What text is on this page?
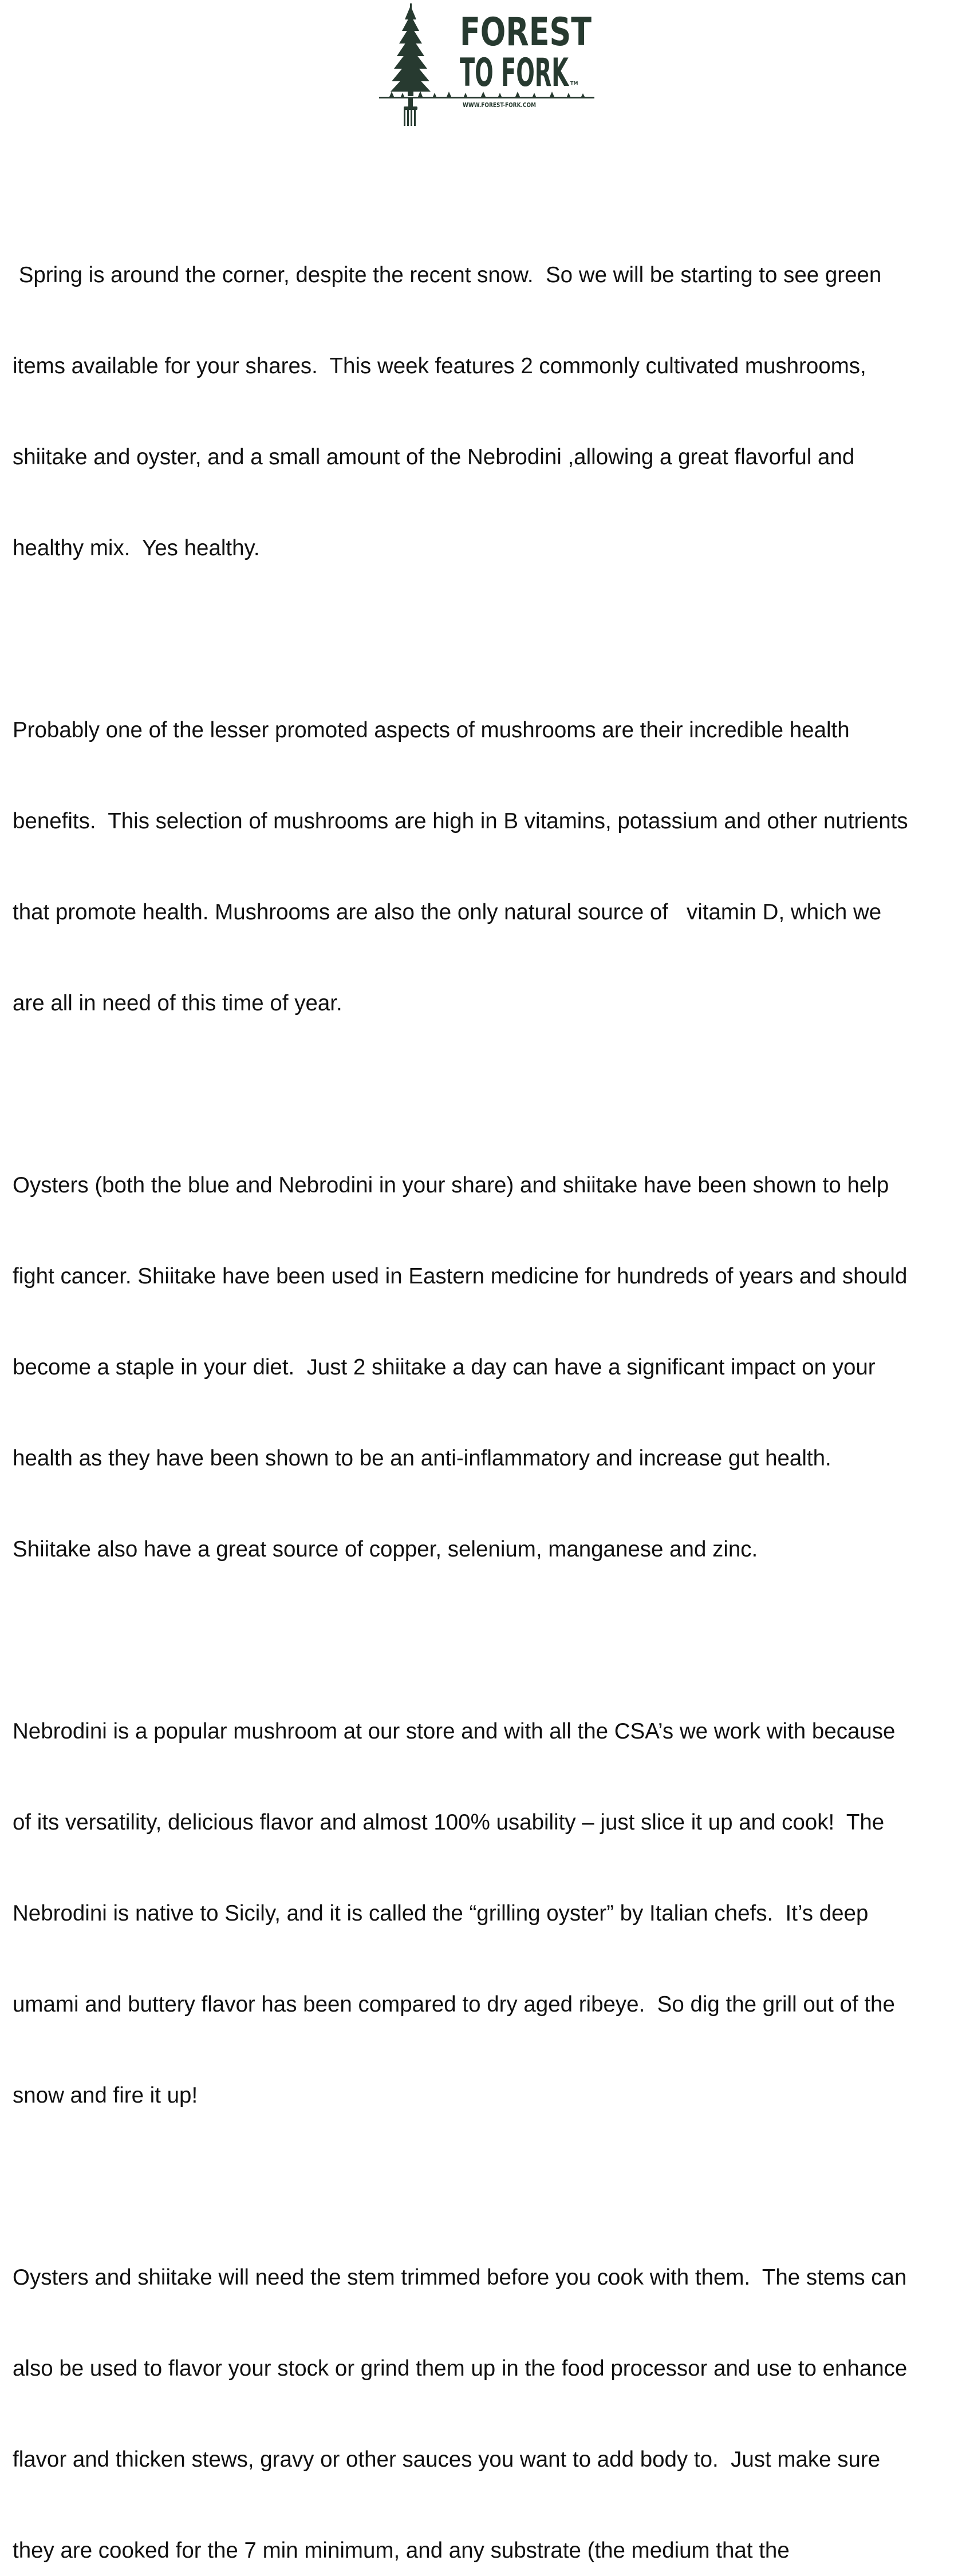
FOREST
TO FORK TM
WWW.FOREST-FORK.COM

Spring is around the corner, despite the recent snow.  So we will be starting to see green

items available for your shares.  This week features 2 commonly cultivated mushrooms,

shiitake and oyster, and a small amount of the Nebrodini ,allowing a great flavorful and

healthy mix.  Yes healthy.

Probably one of the lesser promoted aspects of mushrooms are their incredible health

benefits.  This selection of mushrooms are high in B vitamins, potassium and other nutrients

that promote health. Mushrooms are also the only natural source of   vitamin D, which we

are all in need of this time of year.

Oysters (both the blue and Nebrodini in your share) and shiitake have been shown to help

fight cancer. Shiitake have been used in Eastern medicine for hundreds of years and should

become a staple in your diet.  Just 2 shiitake a day can have a significant impact on your

health as they have been shown to be an anti-inflammatory and increase gut health.

Shiitake also have a great source of copper, selenium, manganese and zinc.

Nebrodini is a popular mushroom at our store and with all the CSA’s we work with because

of its versatility, delicious flavor and almost 100% usability – just slice it up and cook!  The

Nebrodini is native to Sicily, and it is called the “grilling oyster” by Italian chefs.  It’s deep

umami and buttery flavor has been compared to dry aged ribeye.  So dig the grill out of the

snow and fire it up!

Oysters and shiitake will need the stem trimmed before you cook with them.  The stems can

also be used to flavor your stock or grind them up in the food processor and use to enhance

flavor and thicken stews, gravy or other sauces you want to add body to.  Just make sure

they are cooked for the 7 min minimum, and any substrate (the medium that the
